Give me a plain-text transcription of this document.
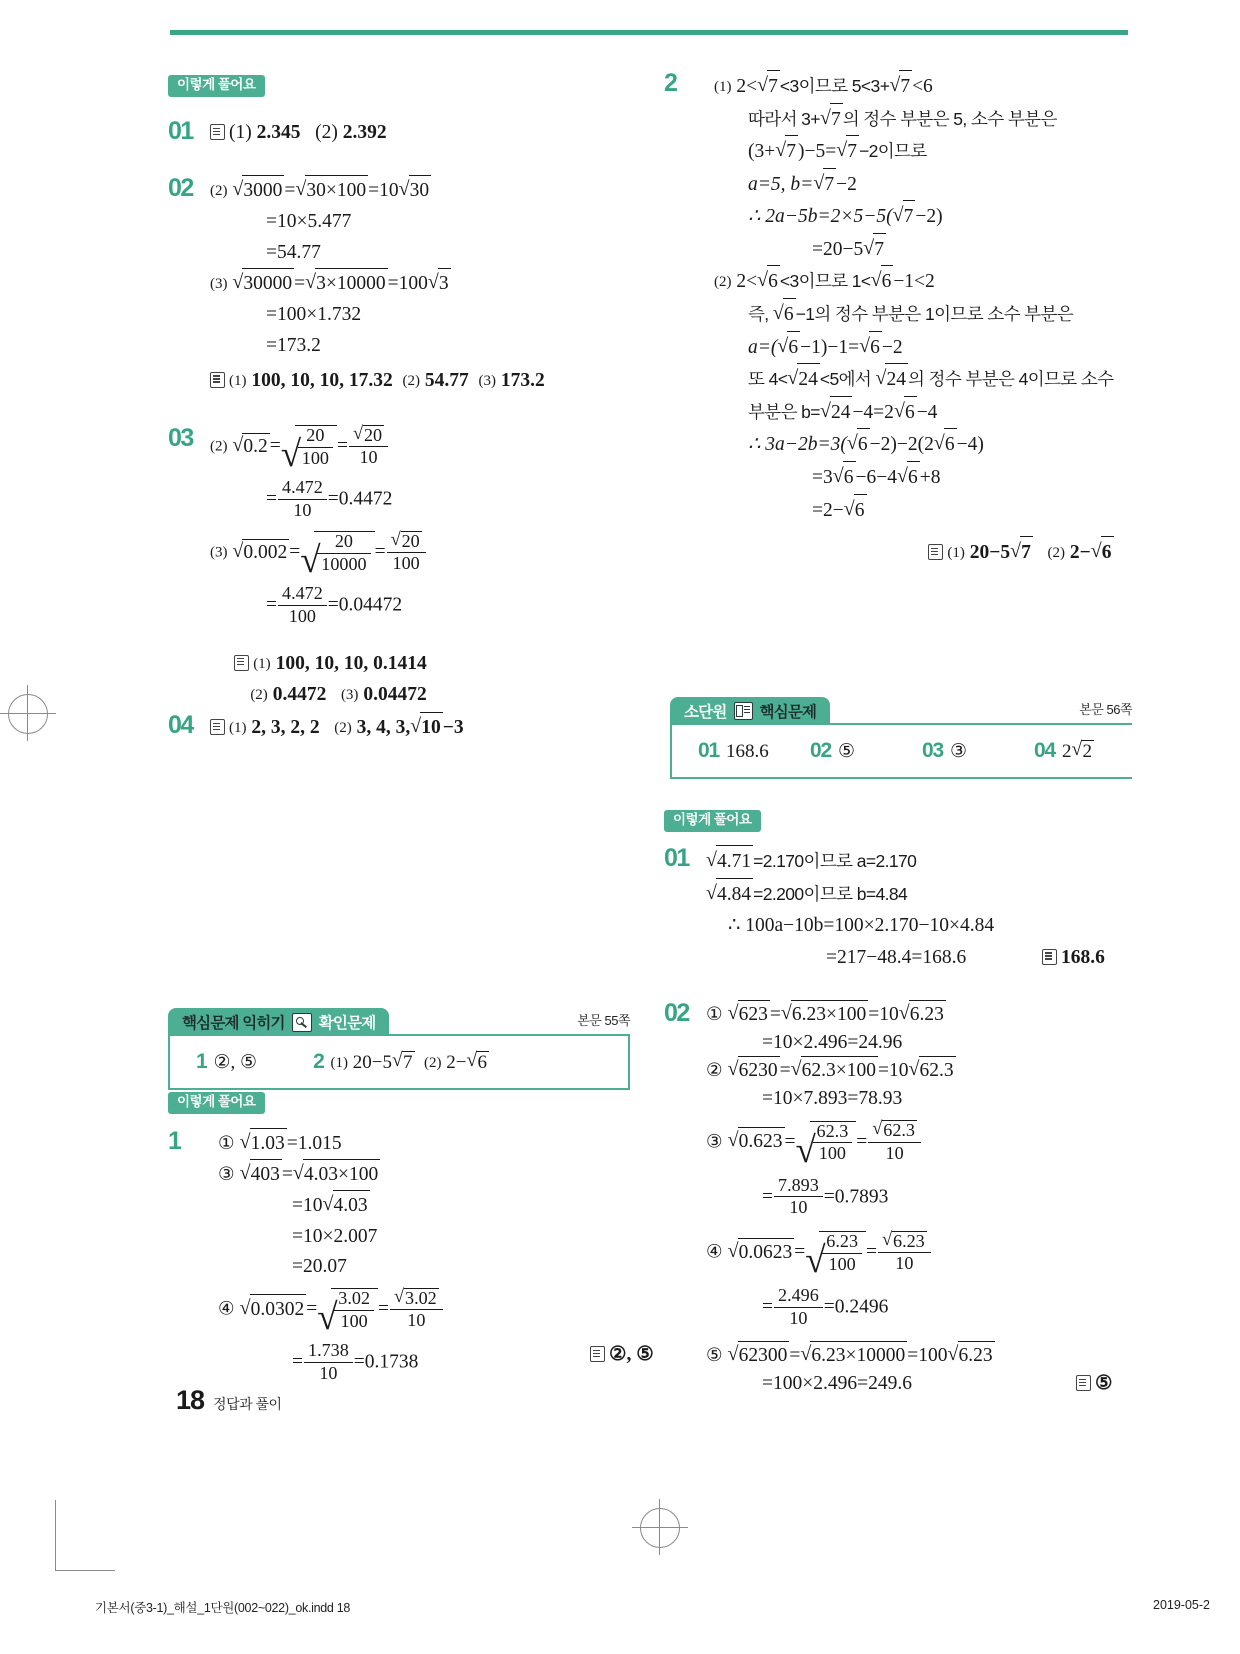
이렇게 풀어요
01	(1) 2.345 (2) 2.392
02	(2) √ 3000 = √ 30×100 =10 √ 30
=10×5.477
=54.77
(3) √ 30000 = √ 3×10000 =100 √ 3
=100×1.732
=173.2
(1) 100, 10, 10, 17.32 (2) 54.77 (3) 173.2
03	(2) √ 0.2 = √ $\frac{20}{100}$ = √ $\frac{20}{10}$
= $\frac{4.472}{10} =0.4472$
(3) √ 0.002 = √ $\frac{20}{10000}$ = √ $\frac{20}{100}$
= $\frac{4.472}{100} =0.04472$
(1) 100, 10, 10, 0.1414
(2) 0.4472 (3) 0.04472
04	(1) 2, 3, 2, 2 (2) 3, 4, 3, √ 10 −3
핵심문제 익히기 확인문제	본문 55쪽
1 ②, ⑤	2 (1) 20−5 √ 7 (2) 2− √ 6
이렇게 풀어요
1	① √ 1.03 =1.015
③ √ 403 = √ 4.03×100
=10 √ 4.03
=10×2.007
=20.07
④ √ 0.0302 = √ $\frac{3.02}{100}$ = √ $\frac{3.02}{10}$
= $\frac{1.738}{10} =0.1738$	②, ⑤
2	(1) 2< √ 7 <3이므로 5<3+ √ 7 <6
따라서 3+ √ 7 의 정수 부분은 5, 소수 부분은
(3+ √ 7 )−5= √ 7 −2이므로
a=5, b= √ 7 −2
∴ 2a−5b=2×5−5( √ 7 −2)
=20−5 √ 7
(2) 2< √ 6 <3이므로 1< √ 6 −1<2
즉, √ 6 −1의 정수 부분은 1이므로 소수 부분은
a=( √ 6 −1)−1= √ 6 −2
또 4< √ 24 <5에서 √ 24 의 정수 부분은 4이므로 소수
부분은 b= √ 24 −4=2 √ 6 −4
∴ 3a−2b=3( √ 6 −2)−2(2 √ 6 −4)
=3 √ 6 −6−4 √ 6 +8
=2− √ 6
(1) 20−5 √ 7 (2) 2− √ 6
소단원 핵심문제	본문 56쪽
01 168.6 02 ⑤	03 ③	04 2 √ 2
이렇게 풀어요
01	√ 4.71 =2.170이므로 a=2.170
√ 4.84 =2.200이므로 b=4.84
∴ 100a−10b=100×2.170−10×4.84
=217−48.4=168.6	168.6
02 ① √ 623 = √ 6.23×100 =10 √ 6.23
=10×2.496=24.96
② √ 6230 = √ 62.3×100 =10 √ 62.3
=10×7.893=78.93
③ √ 0.623 = √ $\frac{62.3}{100}$ = √ $\frac{62.3}{10}$
= $\frac{7.893}{10} =0.7893$
④ √ 0.0623 = √ $\frac{6.23}{100}$ = √ $\frac{6.23}{10}$
= $\frac{2.496}{10} =0.2496$
⑤ √ 62300 = √ 6.23×10000 =100 √ 6.23
=100×2.496=249.6	⑤
18 정답과 풀이
기본서(중3-1)_해설_1단원(002~022)_ok.indd 18	2019-05-2
